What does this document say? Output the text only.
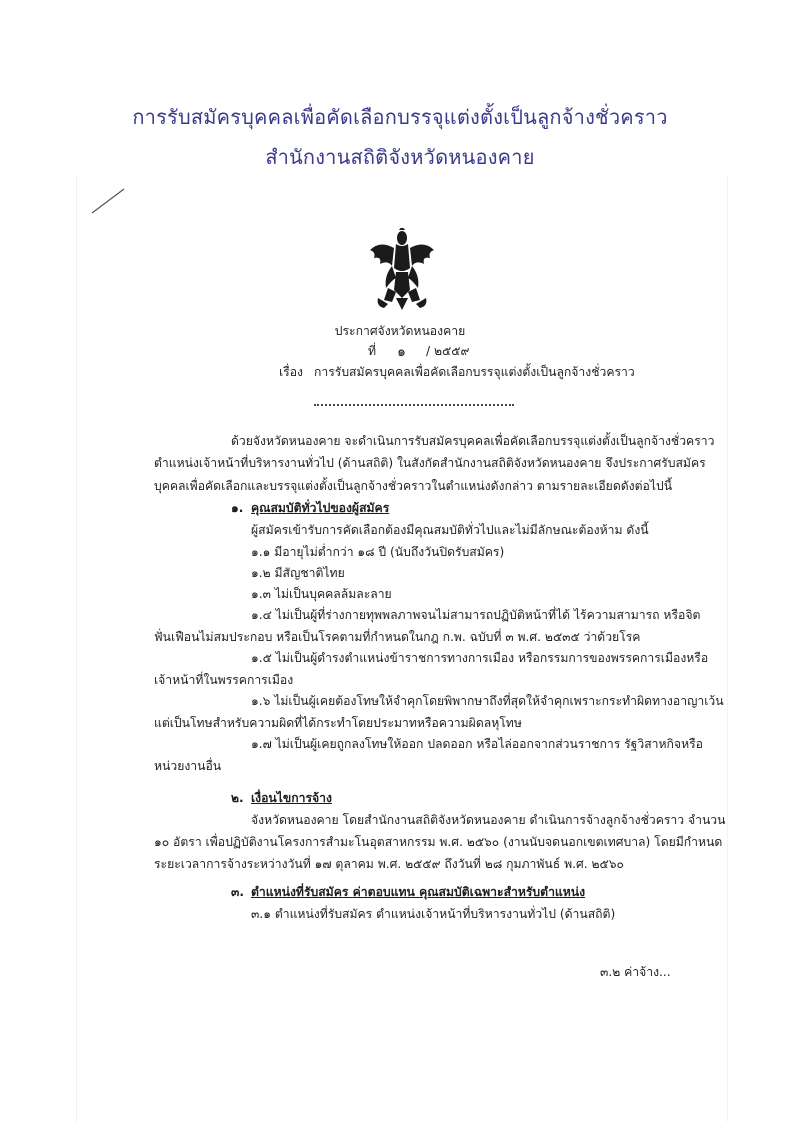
การรับสมัครบุคคลเพื่อคัดเลือกบรรจุแต่งตั้งเป็นลูกจ้างชั่วคราว
สำนักงานสถิติจังหวัดหนองคาย
ประกาศจังหวัดหนองคาย
ที่ ๑ / ๒๕๕๙
เรื่อง การรับสมัครบุคคลเพื่อคัดเลือกบรรจุแต่งตั้งเป็นลูกจ้างชั่วคราว
ด้วยจังหวัดหนองคาย จะดำเนินการรับสมัครบุคคลเพื่อคัดเลือกบรรจุแต่งตั้งเป็นลูกจ้างชั่วคราว
ตำแหน่งเจ้าหน้าที่บริหารงานทั่วไป (ด้านสถิติ) ในสังกัดสำนักงานสถิติจังหวัดหนองคาย จึงประกาศรับสมัคร
บุคคลเพื่อคัดเลือกและบรรจุแต่งตั้งเป็นลูกจ้างชั่วคราวในตำแหน่งดังกล่าว ตามรายละเอียดดังต่อไปนี้
๑. คุณสมบัติทั่วไปของผู้สมัคร
ผู้สมัครเข้ารับการคัดเลือกต้องมีคุณสมบัติทั่วไปและไม่มีลักษณะต้องห้าม ดังนี้
๑.๑ มีอายุไม่ต่ำกว่า ๑๘ ปี (นับถึงวันปิดรับสมัคร)
๑.๒ มีสัญชาติไทย
๑.๓ ไม่เป็นบุคคลล้มละลาย
๑.๔ ไม่เป็นผู้ที่ร่างกายทุพพลภาพจนไม่สามารถปฏิบัติหน้าที่ได้ ไร้ความสามารถ หรือจิต
ฟั่นเฟือนไม่สมประกอบ หรือเป็นโรคตามที่กำหนดในกฎ ก.พ. ฉบับที่ ๓ พ.ศ. ๒๕๓๕ ว่าด้วยโรค
๑.๕ ไม่เป็นผู้ดำรงตำแหน่งข้าราชการทางการเมือง หรือกรรมการของพรรคการเมืองหรือ
เจ้าหน้าที่ในพรรคการเมือง
๑.๖ ไม่เป็นผู้เคยต้องโทษให้จำคุกโดยพิพากษาถึงที่สุดให้จำคุกเพราะกระทำผิดทางอาญาเว้น
แต่เป็นโทษสำหรับความผิดที่ได้กระทำโดยประมาทหรือความผิดลหุโทษ
๑.๗ ไม่เป็นผู้เคยถูกลงโทษให้ออก ปลดออก หรือไล่ออกจากส่วนราชการ รัฐวิสาหกิจหรือ
หน่วยงานอื่น
๒. เงื่อนไขการจ้าง
จังหวัดหนองคาย โดยสำนักงานสถิติจังหวัดหนองคาย ดำเนินการจ้างลูกจ้างชั่วคราว จำนวน
๑๐ อัตรา เพื่อปฏิบัติงานโครงการสำมะโนอุตสาหกรรม พ.ศ. ๒๕๖๐ (งานนับจดนอกเขตเทศบาล) โดยมีกำหนด
ระยะเวลาการจ้างระหว่างวันที่ ๑๗ ตุลาคม พ.ศ. ๒๕๕๙ ถึงวันที่ ๒๘ กุมภาพันธ์ พ.ศ. ๒๕๖๐
๓. ตำแหน่งที่รับสมัคร ค่าตอบแทน คุณสมบัติเฉพาะสำหรับตำแหน่ง
๓.๑ ตำแหน่งที่รับสมัคร ตำแหน่งเจ้าหน้าที่บริหารงานทั่วไป (ด้านสถิติ)
๓.๒ ค่าจ้าง...
